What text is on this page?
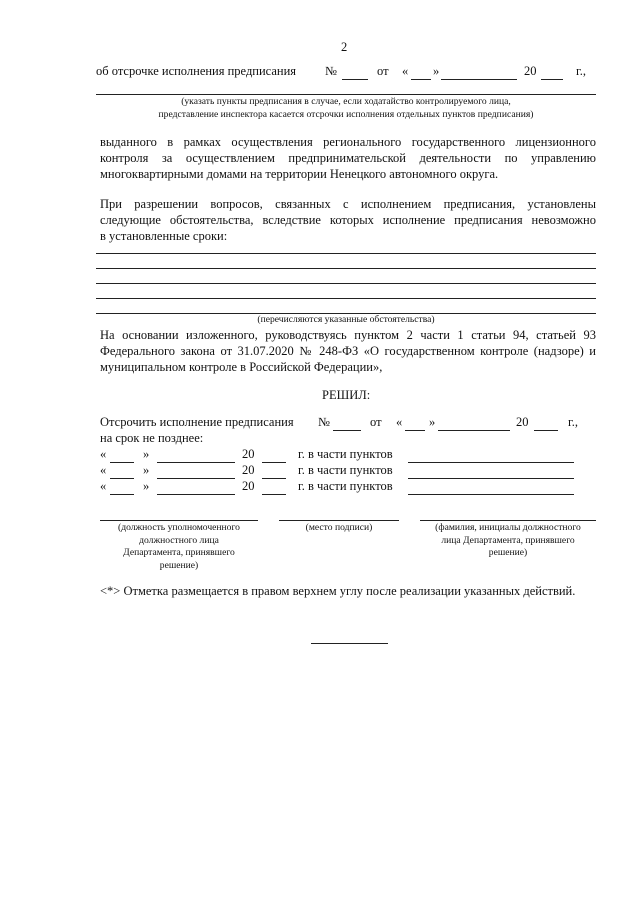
2
об отсрочке исполнения предписания №	от « »	20	г.,
(указать пункты предписания в случае, если ходатайство контролируемого лица,
представление инспектора касается отсрочки исполнения отдельных пунктов предписания)
выданного в рамках осуществления регионального государственного лицензионного
контроля за осуществлением предпринимательской деятельности по управлению
многоквартирными домами на территории Ненецкого автономного округа.
При разрешении вопросов, связанных с исполнением предписания, установлены
следующие обстоятельства, вследствие которых исполнение предписания невозможно
в установленные сроки:
(перечисляются указанные обстоятельства)
На основании изложенного, руководствуясь пунктом 2 части 1 статьи 94, статьей 93
Федерального закона от 31.07.2020 № 248-ФЗ «О государственном контроле (надзоре) и
муниципальном контроле в Российской Федерации»,
РЕШИЛ:
Отсрочить исполнение предписания №	от « »	20	г.,
на срок не позднее:
«	»	20	г. в части пунктов
«	»	20	г. в части пунктов
«	»	20	г. в части пунктов
(должность уполномоченного
должностного лица
Департамента, принявшего
решение)
(место подписи)	(фамилия, инициалы должностного
лица Департамента, принявшего
решение)
<*> Отметка размещается в правом верхнем углу после реализации указанных действий.
